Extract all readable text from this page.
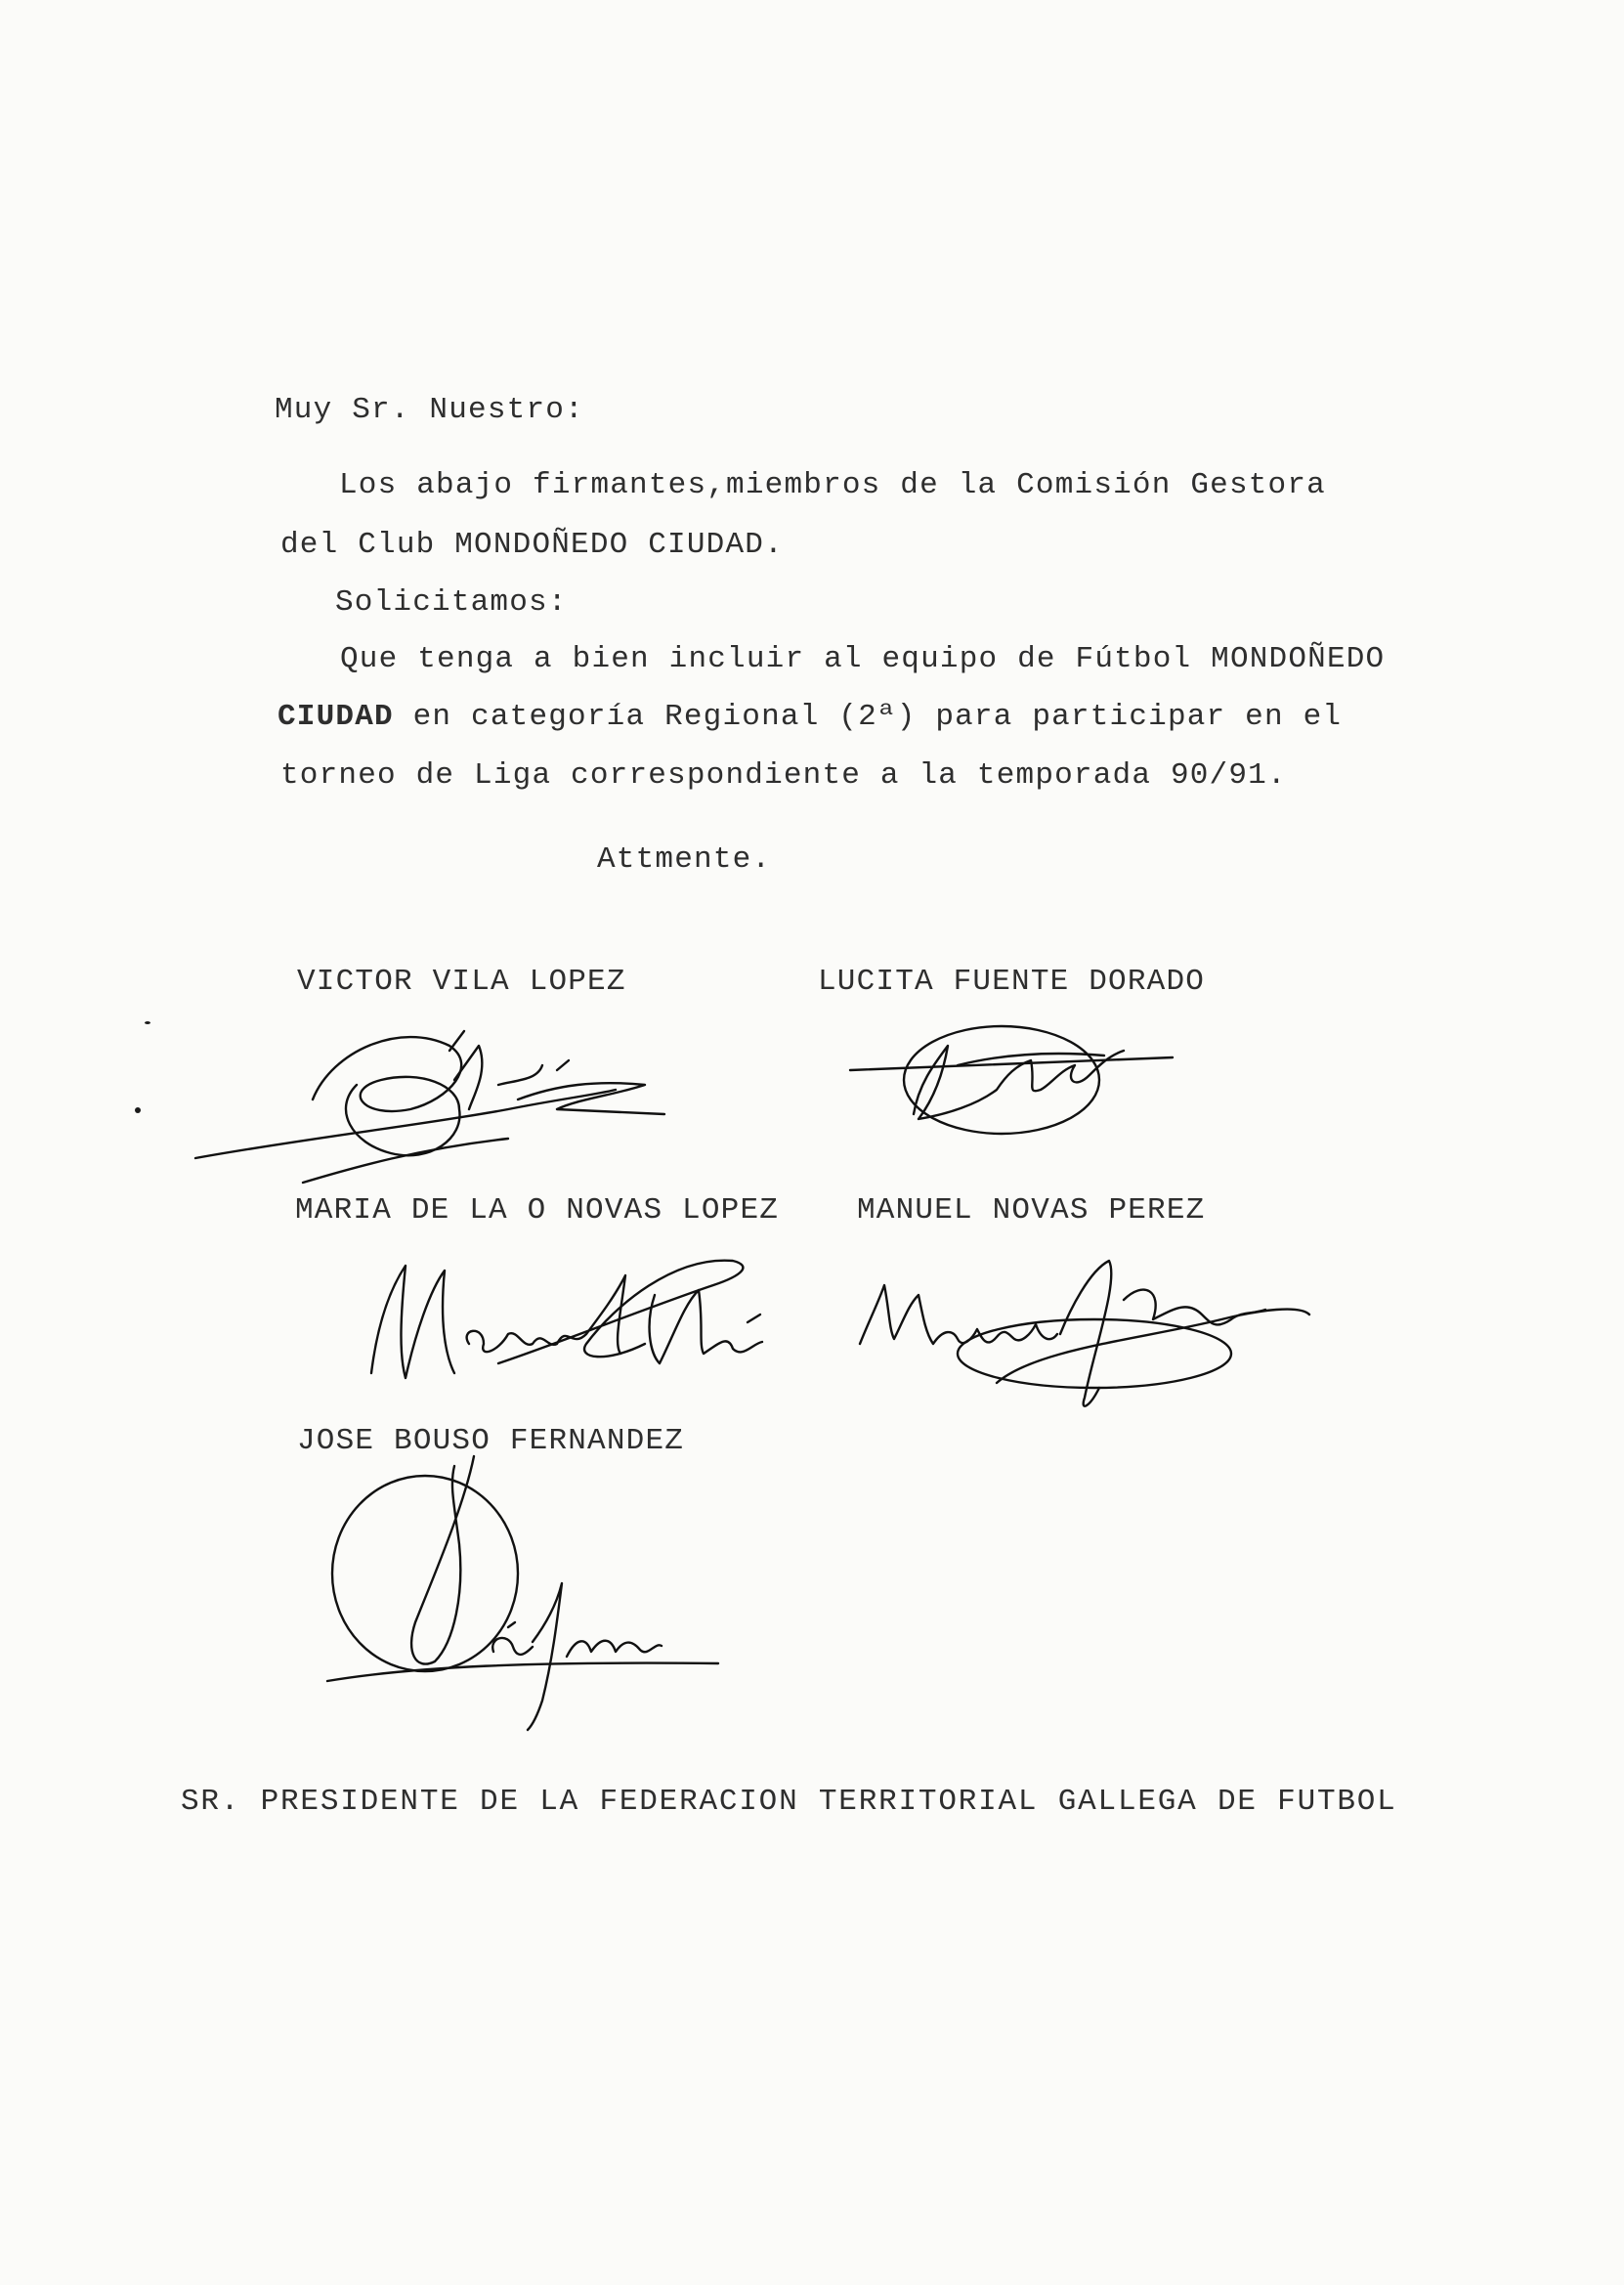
Muy Sr. Nuestro:
Los abajo firmantes,miembros de la Comisión Gestora
del Club MONDOÑEDO CIUDAD.
Solicitamos:
Que tenga a bien incluir al equipo de Fútbol MONDOÑEDO
CIUDAD en categoría Regional (2ª) para participar en el
torneo de Liga correspondiente a la temporada 90/91.
Attmente.
VICTOR VILA LOPEZ	LUCITA FUENTE DORADO
MARIA DE LA O NOVAS LOPEZ	MANUEL NOVAS PEREZ
JOSE BOUSO FERNANDEZ
SR. PRESIDENTE DE LA FEDERACION TERRITORIAL GALLEGA DE FUTBOL
